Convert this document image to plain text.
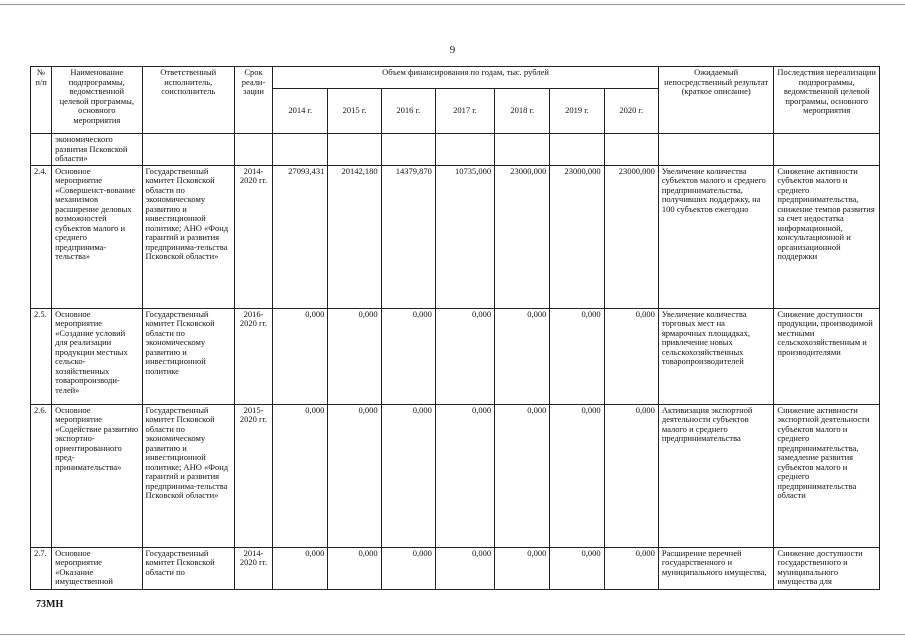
9
№ п/п	Наименование подпрограммы, ведомственной целевой программы, основного мероприятия	Ответственный исполнитель, соисполнитель	Срок реали-зации	Объем финансирования по годам, тыс. рублей							Ожидаемый непосредственный результат (краткое описание)	Последствия нереализации подпрограммы, ведомственной целевой программы, основного мероприятия
				2014 г.	2015 г.	2016 г.	2017 г.	2018 г.	2019 г.	2020 г.		
	экономического развития Псковской области»											
2.4.	Основное мероприятие «Совершенст-вование механизмов расширение деловых возможностей субъектов малого и среднего предпринима-тельства»	Государственный комитет Псковской области по экономическому развитию и инвестиционной политике; АНО «Фонд гарантий и развития предпринима-тельства Псковской области»	2014-2020 гг.	27093,431	20142,180	14379,870	10735,000	23000,000	23000,000	23000,000	Увеличение количества субъектов малого и среднего предпринимательства, получивших поддержку, на 100 субъектов ежегодно	Снижение активности субъектов малого и среднего предпринимательства, снижение темпов развития за счет недостатка информационной, консультационной и организационной поддержки
2.5.	Основное мероприятие «Создание условий для реализации продукции местных сельско-хозяйственных товаропроизводи-телей»	Государственный комитет Псковской области по экономическому развитию и инвестиционной политике	2016-2020 гг.	0,000	0,000	0,000	0,000	0,000	0,000	0,000	Увеличение количества торговых мест на ярмарочных площадках, привлечение новых сельскохозяйственных товаропроизводителей	Снижение доступности продукции, производимой местными сельскохозяйственным и производителями
2.6.	Основное мероприятие «Содействие развитию экспортно-ориентированного пред-принимательства»	Государственный комитет Псковской области по экономическому развитию и инвестиционной политике; АНО «Фонд гарантий и развития предпринима-тельства Псковской области»	2015-2020 гг.	0,000	0,000	0,000	0,000	0,000	0,000	0,000	Активизация экспортной деятельности субъектов малого и среднего предпринимательства	Снижение активности экспортной деятельности субъектов малого и среднего предпринимательства, замедление развития субъектов малого и среднего предпринимательства области
2.7.	Основное мероприятие «Оказание имущественной	Государственный комитет Псковской области по	2014-2020 гг.	0,000	0,000	0,000	0,000	0,000	0,000	0,000	Расширение перечней государственного и муниципального имущества,	Снижение доступности государственного и муниципального имущества для
73МН
